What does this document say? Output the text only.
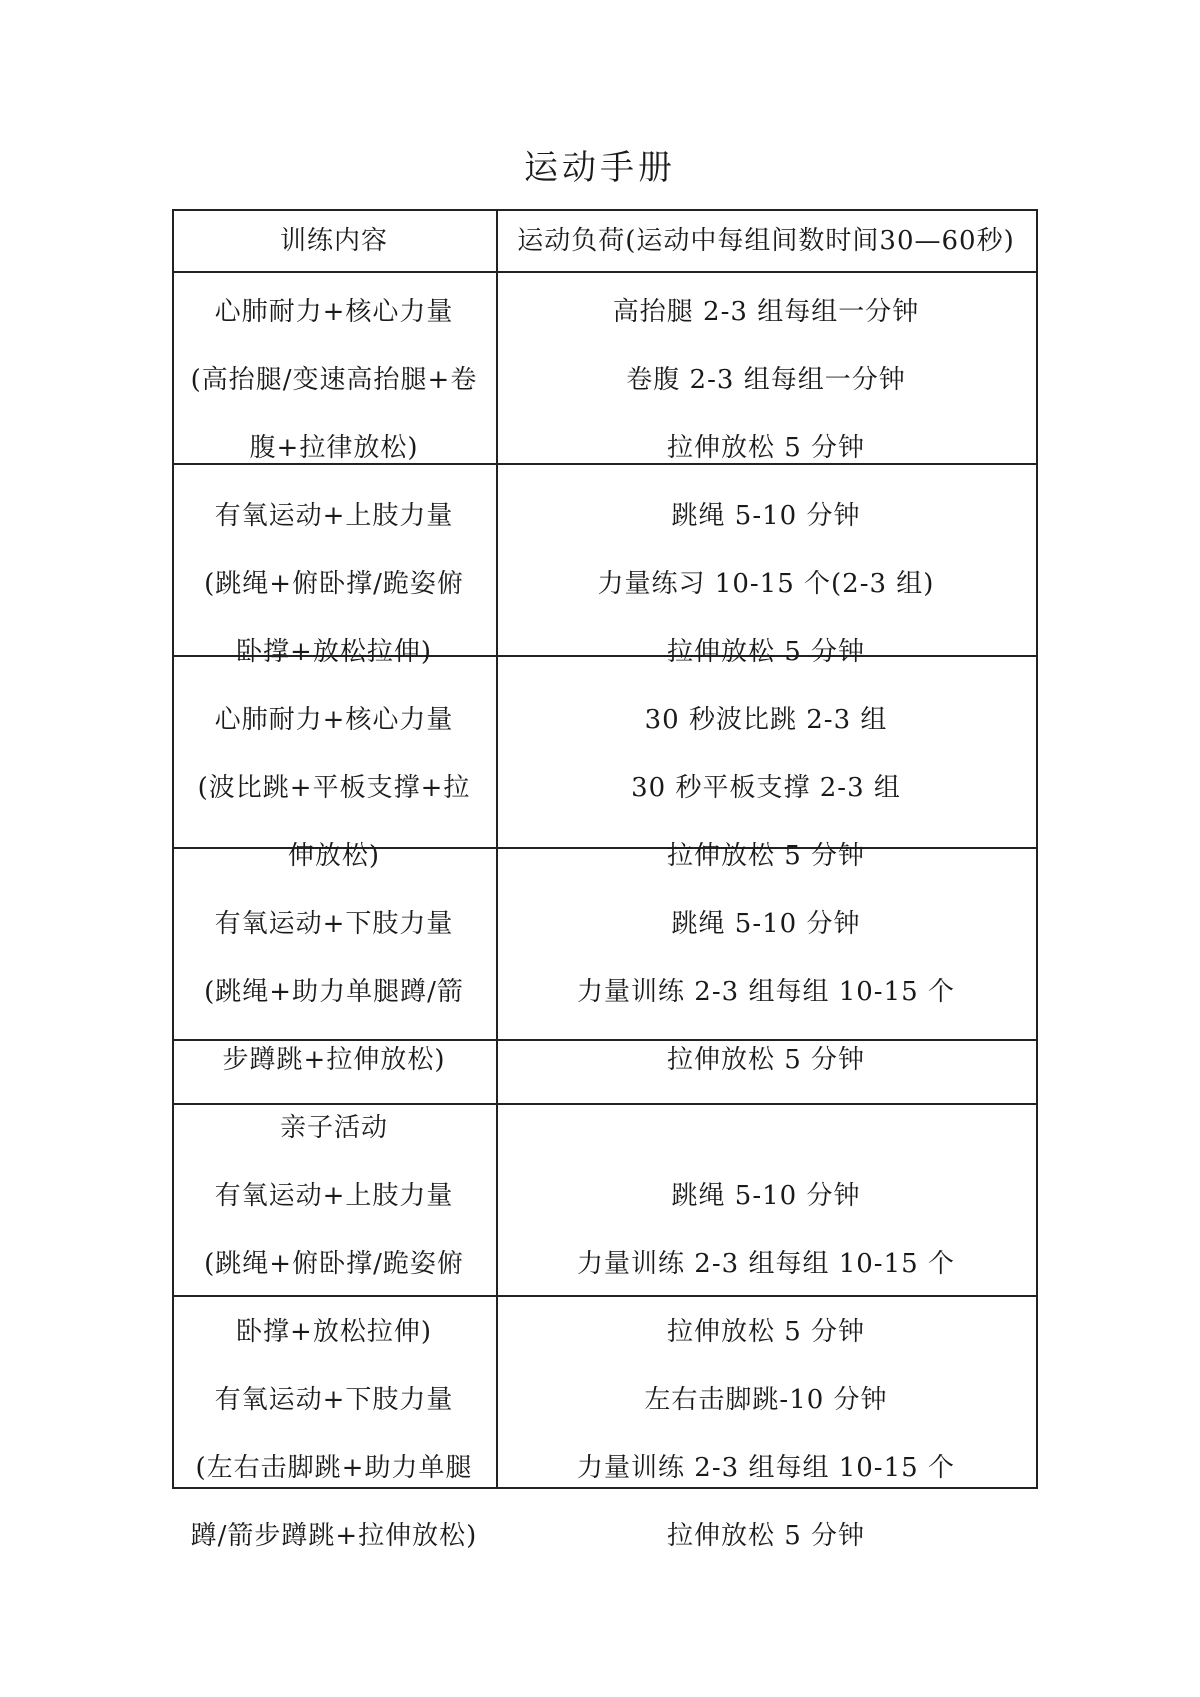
运动手册
训练内容	运动负荷(运动中每组间数时间30—60秒)
心肺耐力+核心力量	高抬腿 2-3 组每组一分钟
(高抬腿/变速高抬腿+卷	卷腹 2-3 组每组一分钟
腹+拉律放松)	拉伸放松 5 分钟
有氧运动+上肢力量	跳绳 5-10 分钟
(跳绳+俯卧撑/跪姿俯	力量练习 10-15 个(2-3 组)
卧撑+放松拉伸)	拉伸放松 5 分钟
心肺耐力+核心力量	30 秒波比跳 2-3 组
(波比跳+平板支撑+拉	30 秒平板支撑 2-3 组
伸放松)	拉伸放松 5 分钟
有氧运动+下肢力量	跳绳 5-10 分钟
(跳绳+助力单腿蹲/箭	力量训练 2-3 组每组 10-15 个
步蹲跳+拉伸放松)	拉伸放松 5 分钟
亲子活动
有氧运动+上肢力量	跳绳 5-10 分钟
(跳绳+俯卧撑/跪姿俯	力量训练 2-3 组每组 10-15 个
卧撑+放松拉伸)	拉伸放松 5 分钟
有氧运动+下肢力量	左右击脚跳-10 分钟
(左右击脚跳+助力单腿	力量训练 2-3 组每组 10-15 个
蹲/箭步蹲跳+拉伸放松)	拉伸放松 5 分钟
